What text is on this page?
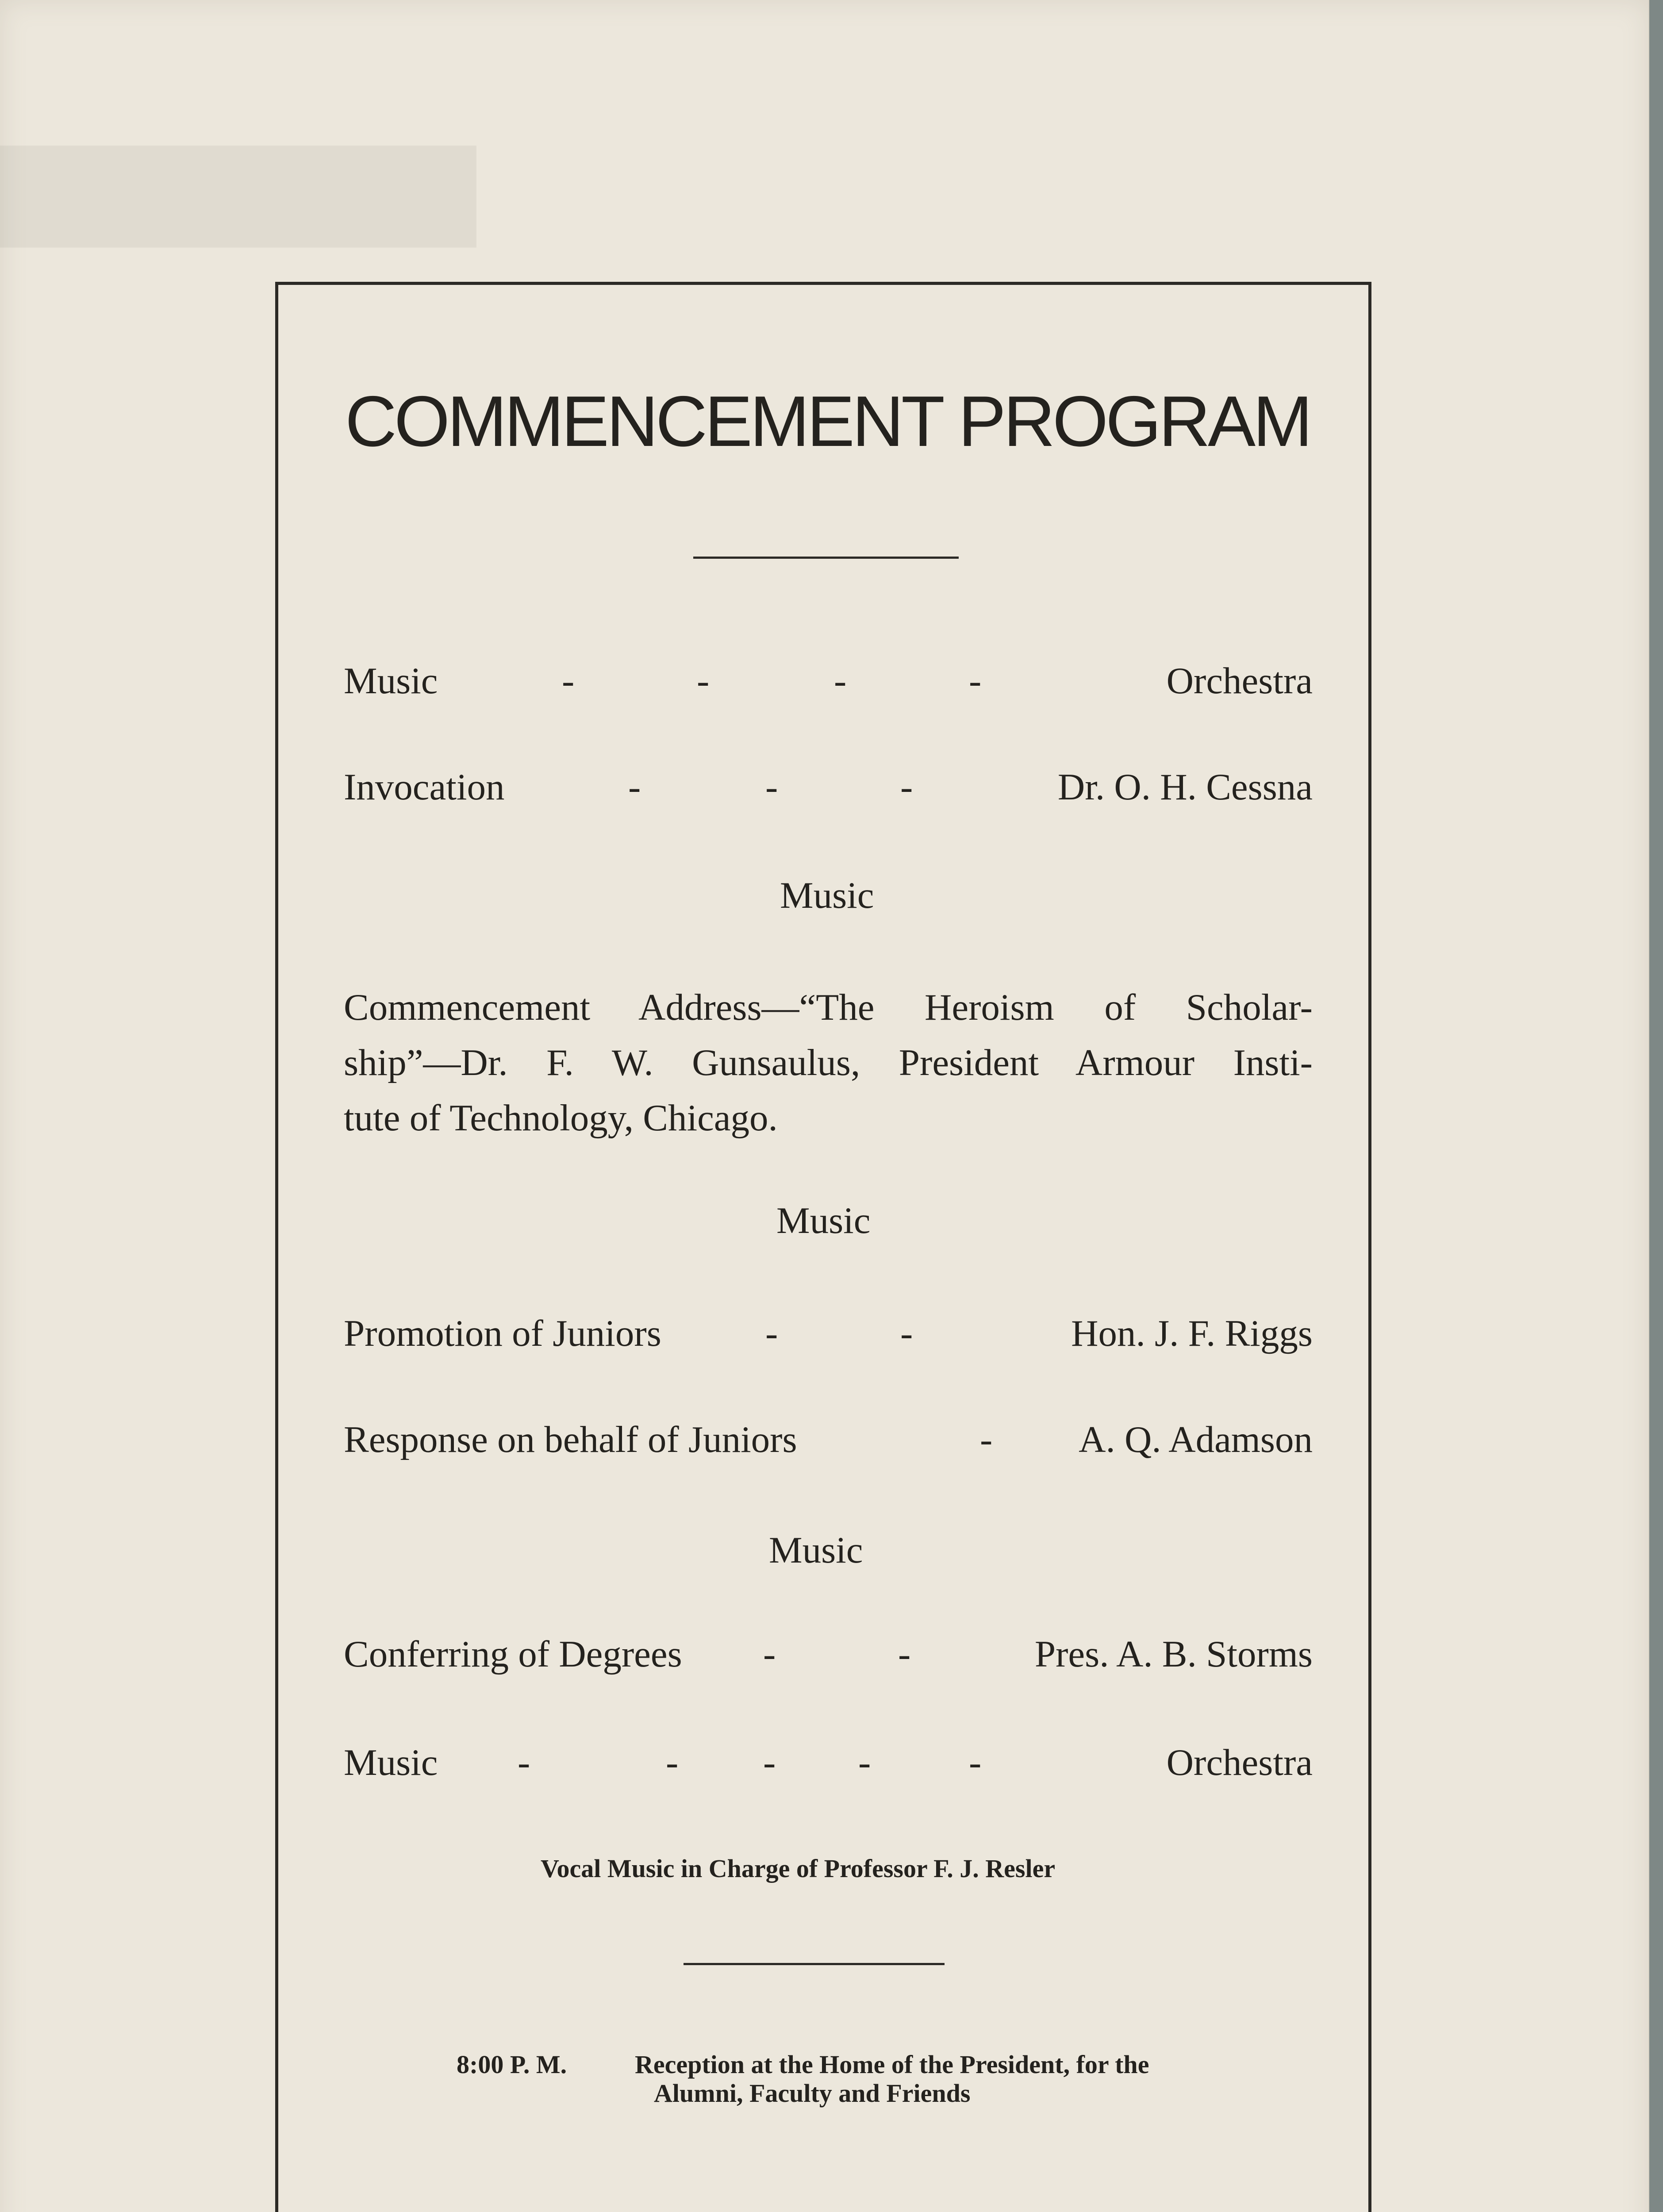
████████
COMMENCEMENT PROGRAM
Music	-	-	-	-	Orchestra
Invocation	-	-	-	Dr. O. H. Cessna
Music
Commencement Address—“The Heroism of Scholar-
ship”—Dr. F. W. Gunsaulus, President Armour Insti-
tute of Technology, Chicago.
Music
Promotion of Juniors	-	-	Hon. J. F. Riggs
Response on behalf of Juniors	- A. Q. Adamson
Music
Conferring of Degrees -	-	Pres. A. B. Storms
Music -	- - -	-	Orchestra
Vocal Music in Charge of Professor F. J. Resler
8:00 P. M.	Reception at the Home of the President, for the
Alumni, Faculty and Friends
